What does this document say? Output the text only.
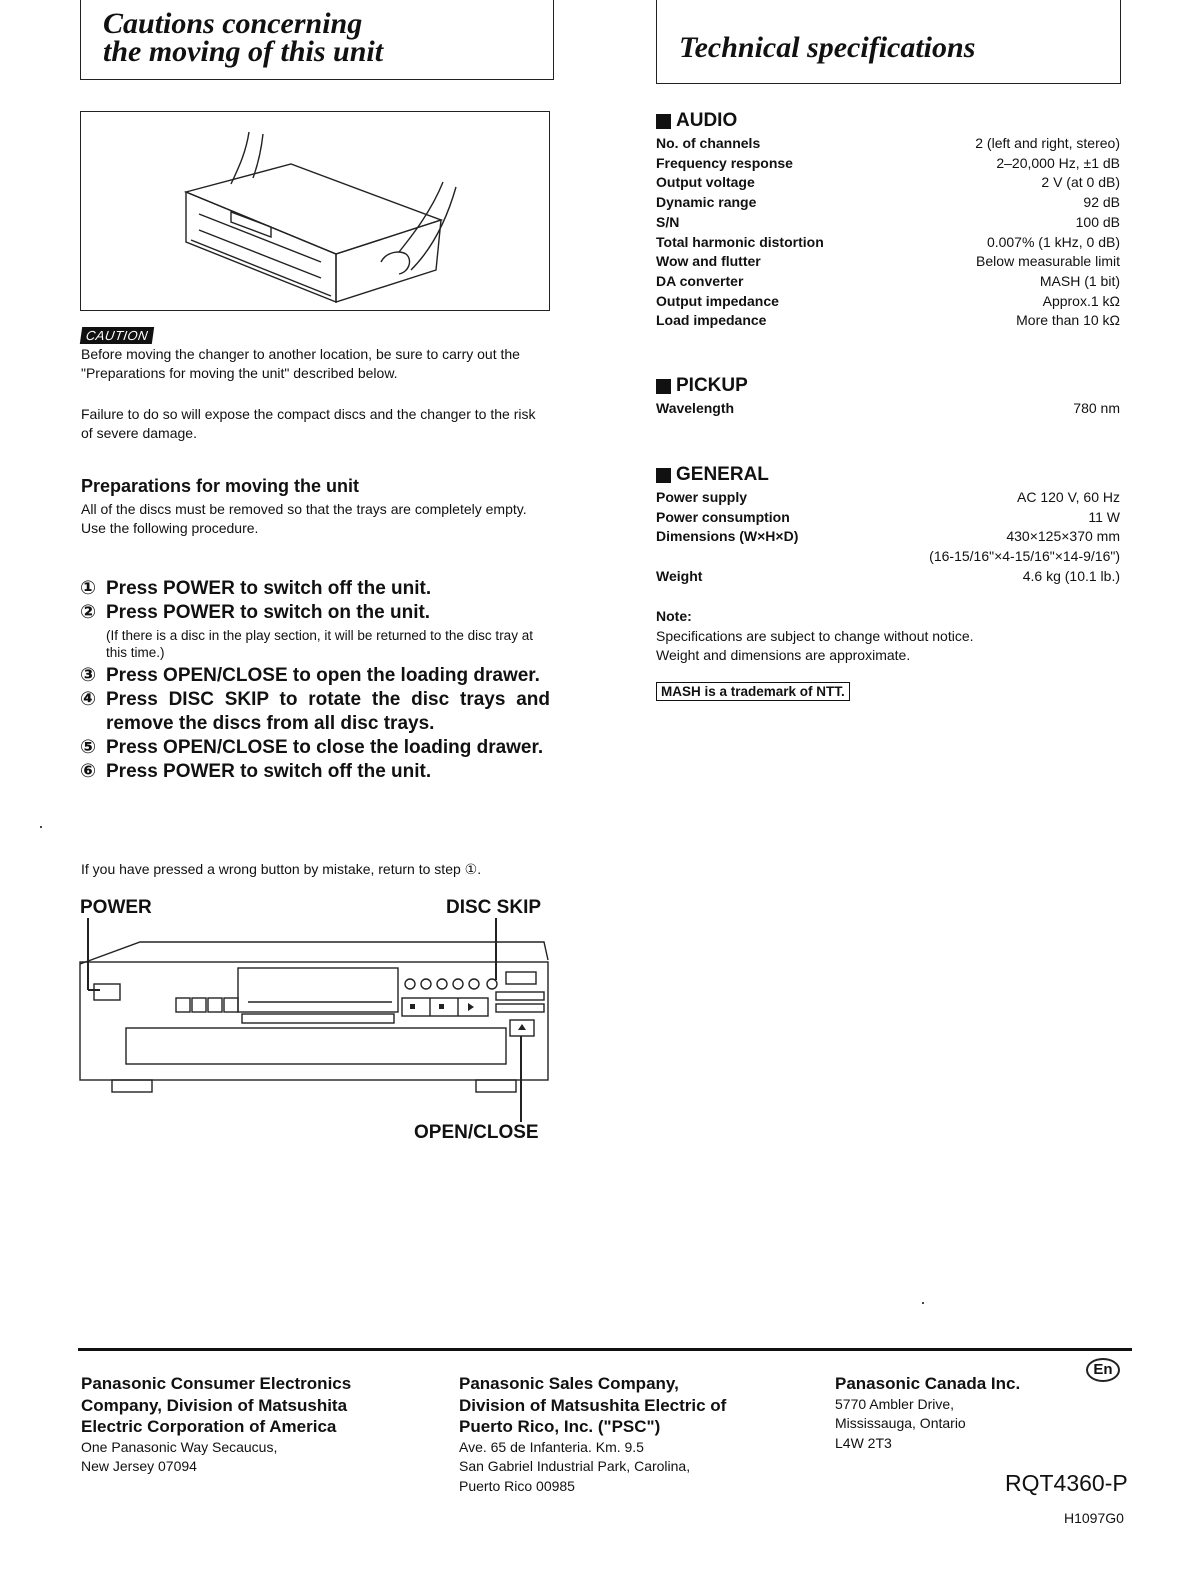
Cautions concerning
the moving of this unit	Technical specifications
CAUTION
Before moving the changer to another location, be sure to carry out the "Preparations for moving the unit" described below.
Failure to do so will expose the compact discs and the changer to the risk of severe damage.
Preparations for moving the unit
All of the discs must be removed so that the trays are completely empty.
Use the following procedure.
① Press POWER to switch off the unit.
② Press POWER to switch on the unit.
(If there is a disc in the play section, it will be returned to the disc tray at this time.)
③ Press OPEN/CLOSE to open the loading drawer.
④ Press DISC SKIP to rotate the disc trays and remove the discs from all disc trays.
⑤ Press OPEN/CLOSE to close the loading drawer.
⑥ Press POWER to switch off the unit.
If you have pressed a wrong button by mistake, return to step ①.
POWER	DISC SKIP
OPEN/CLOSE
AUDIO
No. of channels	2 (left and right, stereo)
Frequency response	2–20,000 Hz, ±1 dB
Output voltage	2 V (at 0 dB)
Dynamic range	92 dB
S/N	100 dB
Total harmonic distortion	0.007% (1 kHz, 0 dB)
Wow and flutter	Below measurable limit
DA converter	MASH (1 bit)
Output impedance	Approx.1 kΩ
Load impedance	More than 10 kΩ
PICKUP
Wavelength	780 nm
GENERAL
Power supply	AC 120 V, 60 Hz
Power consumption	11 W
Dimensions (W×H×D)	430×125×370 mm
(16-15/16"×4-15/16"×14-9/16")
Weight	4.6 kg (10.1 lb.)
Note:
Specifications are subject to change without notice.
Weight and dimensions are approximate.
MASH is a trademark of NTT.
Panasonic Consumer Electronics
Company, Division of Matsushita
Electric Corporation of America
One Panasonic Way Secaucus,
New Jersey 07094
Panasonic Sales Company,
Division of Matsushita Electric of
Puerto Rico, Inc. ("PSC")
Ave. 65 de Infanteria. Km. 9.5
San Gabriel Industrial Park, Carolina,
Puerto Rico 00985
Panasonic Canada Inc.
5770 Ambler Drive,
Mississauga, Ontario
L4W 2T3
En
RQT4360-P
H1097G0
